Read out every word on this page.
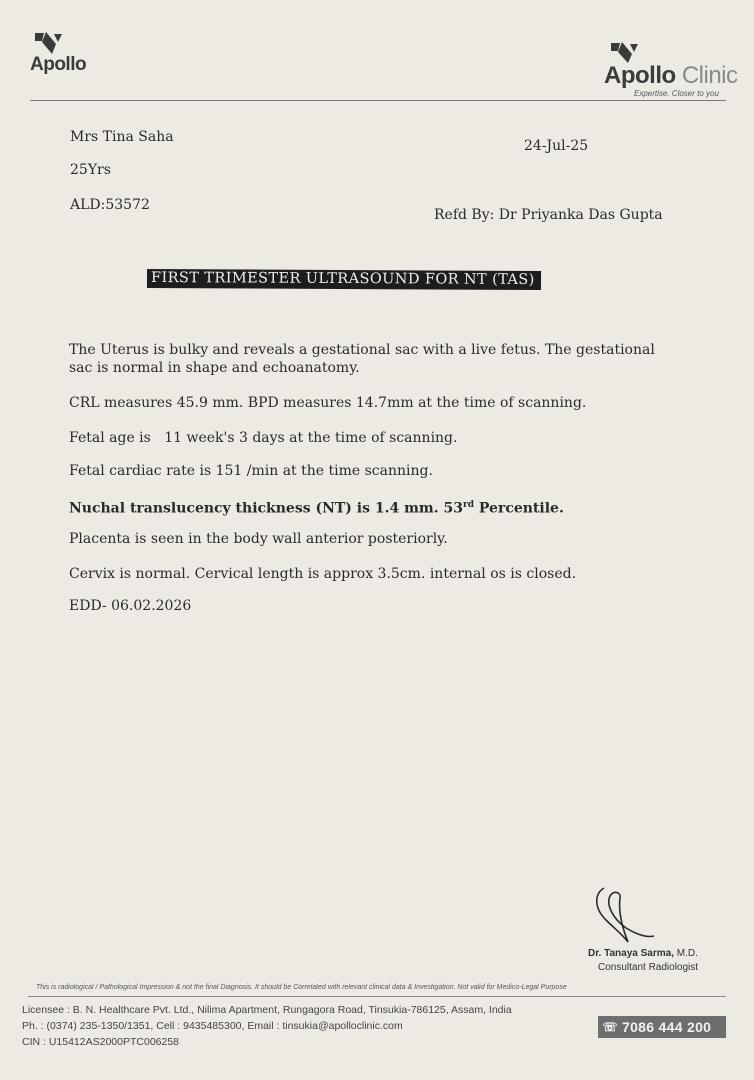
Apollo	Apollo Clinic
Expertise. Closer to you
Mrs Tina Saha
24-Jul-25
25Yrs
ALD:53572
Refd By: Dr Priyanka Das Gupta
FIRST TRIMESTER ULTRASOUND FOR NT (TAS)
The Uterus is bulky and reveals a gestational sac with a live fetus. The gestational sac is normal in shape and echoanatomy.
CRL measures 45.9 mm. BPD measures 14.7mm at the time of scanning.
Fetal age is   11 week's 3 days at the time of scanning.
Fetal cardiac rate is 151 /min at the time scanning.
Nuchal translucency thickness (NT) is 1.4 mm. 53rd Percentile.
Placenta is seen in the body wall anterior posteriorly.
Cervix is normal. Cervical length is approx 3.5cm. internal os is closed.
EDD- 06.02.2026
Dr. Tanaya Sarma, M.D.
Consultant Radiologist
This is radiological / Pathological Impression & not the final Diagnosis. It should be Correlated with relevant clinical data & Investigation. Not valid for Medico-Legal Purpose
Licensee : B. N. Healthcare Pvt. Ltd., Nilima Apartment, Rungagora Road, Tinsukia-786125, Assam, India
Ph. : (0374) 235-1350/1351, Cell : 9435485300, Email : tinsukia@apolloclinic.com
CIN : U15412AS2000PTC006258
☏ 7086 444 200
